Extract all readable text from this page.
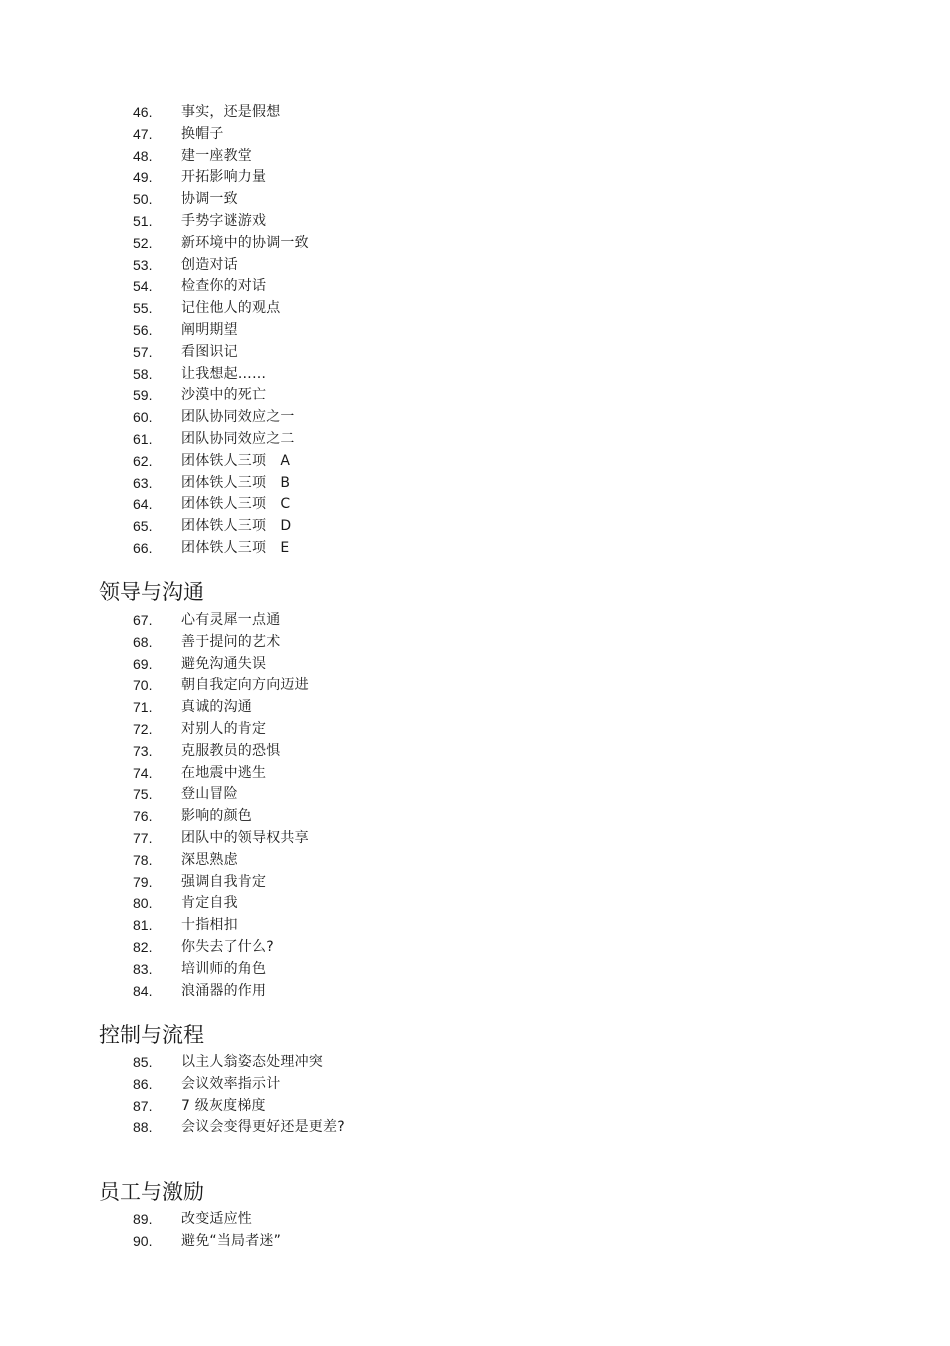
46. 事实，还是假想
47. 换帽子
48. 建一座教堂
49. 开拓影响力量
50. 协调一致
51. 手势字谜游戏
52. 新环境中的协调一致
53. 创造对话
54. 检查你的对话
55. 记住他人的观点
56. 阐明期望
57. 看图识记
58. 让我想起……
59. 沙漠中的死亡
60. 团队协同效应之一
61. 团队协同效应之二
62. 团体铁人三项　A
63. 团体铁人三项　B
64. 团体铁人三项　C
65. 团体铁人三项　D
66. 团体铁人三项　E
领导与沟通
67. 心有灵犀一点通
68. 善于提问的艺术
69. 避免沟通失误
70. 朝自我定向方向迈进
71. 真诚的沟通
72. 对别人的肯定
73. 克服教员的恐惧
74. 在地震中逃生
75. 登山冒险
76. 影响的颜色
77. 团队中的领导权共享
78. 深思熟虑
79. 强调自我肯定
80. 肯定自我
81. 十指相扣
82. 你失去了什么?
83. 培训师的角色
84. 浪涌器的作用
控制与流程
85. 以主人翁姿态处理冲突
86. 会议效率指示计
87. 7 级灰度梯度
88. 会议会变得更好还是更差?
员工与激励
89. 改变适应性
90. 避免“当局者迷”
